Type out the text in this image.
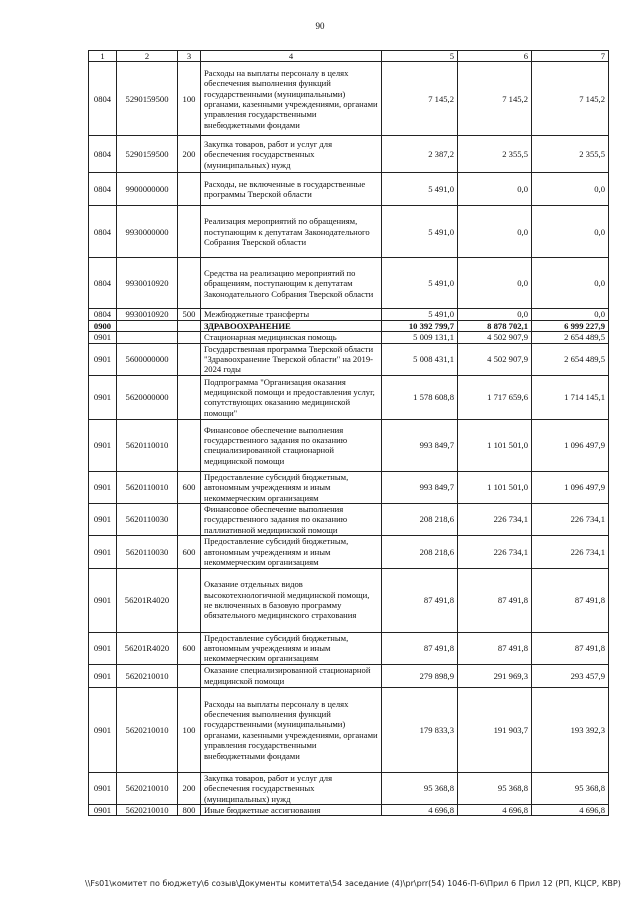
90
1	2	3	4	5	6	7
0804	5290159500	100	Расходы на выплаты персоналу в целях обеспечения выполнения функций государственными (муниципальными) органами, казенными учреждениями, органами управления государственными внебюджетными фондами	7 145,2	7 145,2	7 145,2
0804	5290159500	200	Закупка товаров, работ и услуг для обеспечения государственных (муниципальных) нужд	2 387,2	2 355,5	2 355,5
0804	9900000000		Расходы, не включенные в государственные программы Тверской области	5 491,0	0,0	0,0
0804	9930000000		Реализация мероприятий по обращениям, поступающим к депутатам Законодательного Собрания Тверской области	5 491,0	0,0	0,0
0804	9930010920		Средства на реализацию мероприятий по обращениям, поступающим к депутатам Законодательного Собрания Тверской области	5 491,0	0,0	0,0
0804	9930010920	500	Межбюджетные трансферты	5 491,0	0,0	0,0
0900			ЗДРАВООХРАНЕНИЕ	10 392 799,7	8 878 702,1	6 999 227,9
0901			Стационарная медицинская помощь	5 009 131,1	4 502 907,9	2 654 489,5
0901	5600000000		Государственная программа Тверской области "Здравоохранение Тверской области" на 2019-2024 годы	5 008 431,1	4 502 907,9	2 654 489,5
0901	5620000000		Подпрограмма "Организация оказания медицинской помощи и предоставления услуг, сопутствующих оказанию медицинской помощи"	1 578 608,8	1 717 659,6	1 714 145,1
0901	5620110010		Финансовое обеспечение выполнения государственного задания по оказанию специализированной стационарной медицинской помощи	993 849,7	1 101 501,0	1 096 497,9
0901	5620110010	600	Предоставление субсидий бюджетным, автономным учреждениям и иным некоммерческим организациям	993 849,7	1 101 501,0	1 096 497,9
0901	5620110030		Финансовое обеспечение выполнения государственного задания по оказанию паллиативной медицинской помощи	208 218,6	226 734,1	226 734,1
0901	5620110030	600	Предоставление субсидий бюджетным, автономным учреждениям и иным некоммерческим организациям	208 218,6	226 734,1	226 734,1
0901	56201R4020		Оказание отдельных видов высокотехнологичной медицинской помощи, не включенных в базовую программу обязательного медицинского страхования	87 491,8	87 491,8	87 491,8
0901	56201R4020	600	Предоставление субсидий бюджетным, автономным учреждениям и иным некоммерческим организациям	87 491,8	87 491,8	87 491,8
0901	5620210010		Оказание специализированной стационарной медицинской помощи	279 898,9	291 969,3	293 457,9
0901	5620210010	100	Расходы на выплаты персоналу в целях обеспечения выполнения функций государственными (муниципальными) органами, казенными учреждениями, органами управления государственными внебюджетными фондами	179 833,3	191 903,7	193 392,3
0901	5620210010	200	Закупка товаров, работ и услуг для обеспечения государственных (муниципальных) нужд	95 368,8	95 368,8	95 368,8
0901	5620210010	800	Иные бюджетные ассигнования	4 696,8	4 696,8	4 696,8
\\Fs01\комитет по бюджету\6 созыв\Документы комитета\54 заседание (4)\pr\prr(54) 1046-П-6\Прил 6 Прил 12 (РП, КЦСР, КВР)
